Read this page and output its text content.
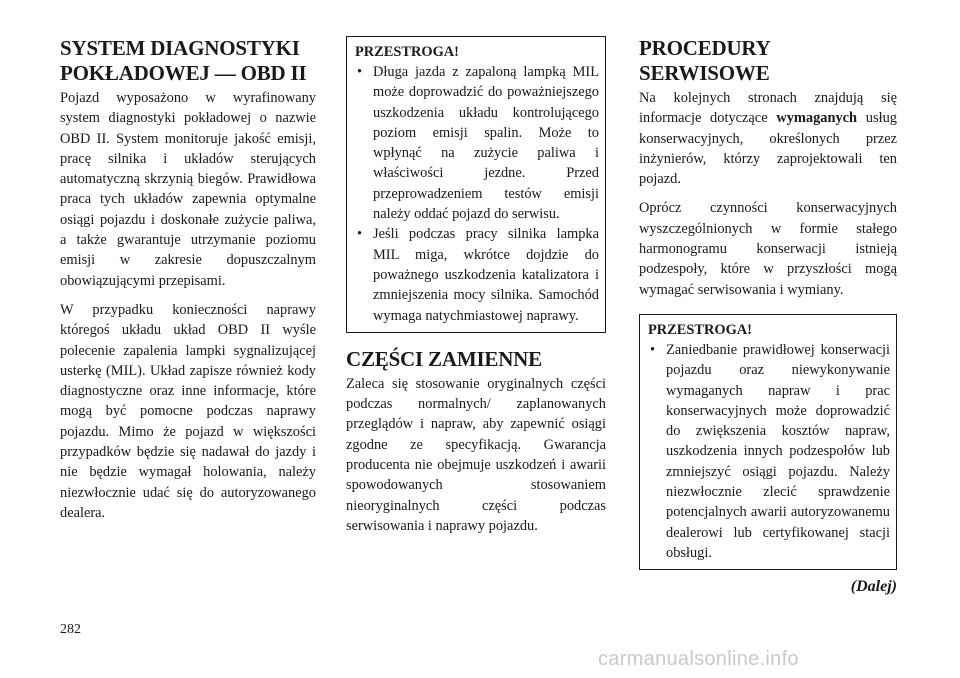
SYSTEM DIAGNOSTYKI
POKŁADOWEJ — OBD II

Pojazd wyposażono w wyrafinowany system diagnostyki pokładowej o nazwie OBD II. System monitoruje jakość emisji, pracę silnika i układów sterujących automatyczną skrzynią biegów. Prawidłowa praca tych układów zapewnia optymalne osiągi pojazdu i doskonałe zużycie paliwa, a także gwarantuje utrzymanie poziomu emisji w zakresie dopuszczalnym obowiązującymi przepisami.

W przypadku konieczności naprawy któregoś układu układ OBD II wyśle polecenie zapalenia lampki sygnalizującej usterkę (MIL). Układ zapisze również kody diagnostyczne oraz inne informacje, które mogą być pomocne podczas naprawy pojazdu. Mimo że pojazd w większości przypadków będzie się nadawał do jazdy i nie będzie wymagał holowania, należy niezwłocznie udać się do autoryzowanego dealera.

PRZESTROGA!
• Długa jazda z zapaloną lampką MIL może doprowadzić do poważniejszego uszkodzenia układu kontrolującego poziom emisji spalin. Może to wpłynąć na zużycie paliwa i właściwości jezdne. Przed przeprowadzeniem testów emisji należy oddać pojazd do serwisu.
• Jeśli podczas pracy silnika lampka MIL miga, wkrótce dojdzie do poważnego uszkodzenia katalizatora i zmniejszenia mocy silnika. Samochód wymaga natychmiastowej naprawy.
CZĘŚCI ZAMIENNE

Zaleca się stosowanie oryginalnych części podczas normalnych/ zaplanowanych przeglądów i napraw, aby zapewnić osiągi zgodne ze specyfikacją. Gwarancja producenta nie obejmuje uszkodzeń i awarii spowodowanych stosowaniem nieoryginalnych części podczas serwisowania i naprawy pojazdu.

PROCEDURY
SERWISOWE

Na kolejnych stronach znajdują się informacje dotyczące wymaganych usług konserwacyjnych, określonych przez inżynierów, którzy zaprojektowali ten pojazd.

Oprócz czynności konserwacyjnych wyszczególnionych w formie stałego harmonogramu konserwacji istnieją podzespoły, które w przyszłości mogą wymagać serwisowania i wymiany.

PRZESTROGA!
• Zaniedbanie prawidłowej konserwacji pojazdu oraz niewykonywanie wymaganych napraw i prac konserwacyjnych może doprowadzić do zwiększenia kosztów napraw, uszkodzenia innych podzespołów lub zmniejszyć osiągi pojazdu. Należy niezwłocznie zlecić sprawdzenie potencjalnych awarii autoryzowanemu dealerowi lub certyfikowanej stacji obsługi.
(Dalej)
282
carmanualsonline.info
